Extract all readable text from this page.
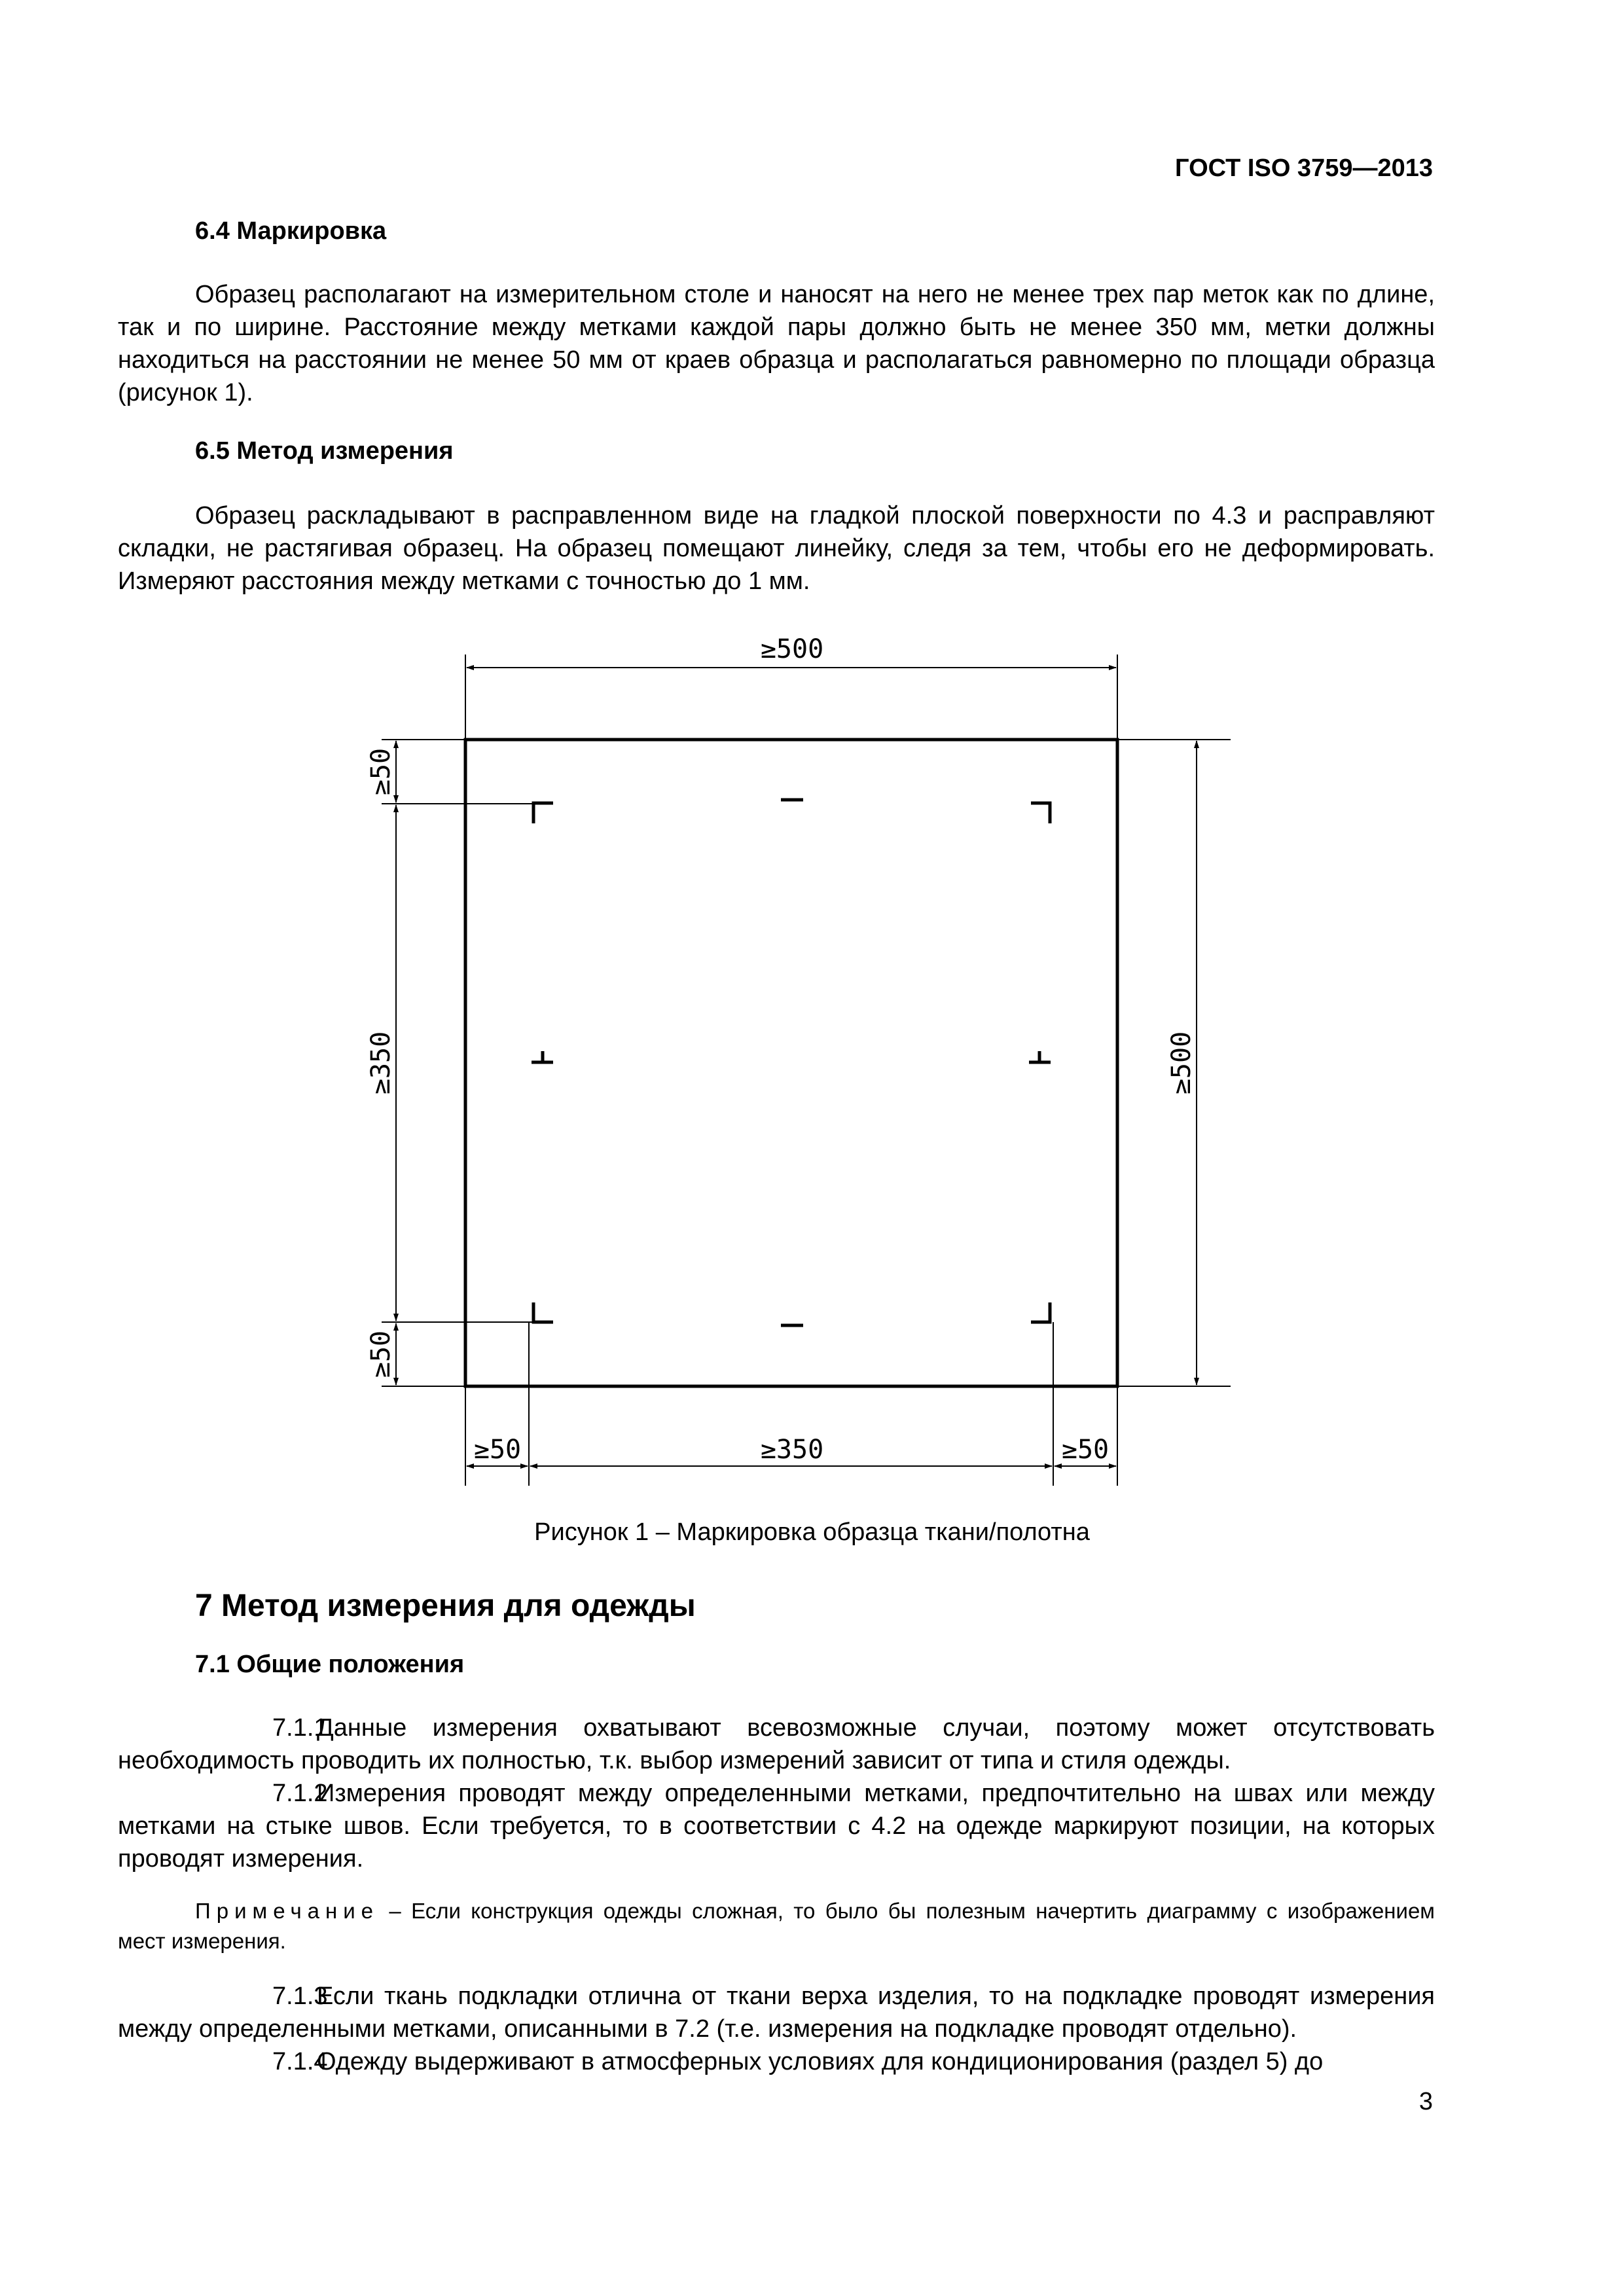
ГОСТ ISO 3759—2013
6.4 Маркировка

Образец располагают на измерительном столе и наносят на него не менее трех пар меток как по длине, так и по ширине. Расстояние между метками каждой пары должно быть не менее 350 мм, метки должны находиться на расстоянии не менее 50 мм от краев образца и располагаться равномерно по площади образца (рисунок 1).

6.5 Метод измерения

Образец раскладывают в расправленном виде на гладкой плоской поверхности по 4.3 и расправляют складки, не растягивая образец. На образец помещают линейку, следя за тем, чтобы его не деформировать. Измеряют расстояния между метками с точностью до 1 мм.

≥500
≥50
≥350
≥50
≥500
≥50	≥350	≥50
Рисунок 1 – Маркировка образца ткани/полотна
7 Метод измерения для одежды
7.1 Общие положения

7.1.1Данные измерения охватывают всевозможные случаи, поэтому может отсутствовать необходимость проводить их полностью, т.к. выбор измерений зависит от типа и стиля одежды.

7.1.2Измерения проводят между определенными метками, предпочтительно на швах или между метками на стыке швов. Если требуется, то в соответствии с 4.2 на одежде маркируют позиции, на которых проводят измерения.

Примечание – Если конструкция одежды сложная, то было бы полезным начертить диаграмму с изображением мест измерения.

7.1.3Если ткань подкладки отлична от ткани верха изделия, то на подкладке проводят измерения между определенными метками, описанными в 7.2 (т.е. измерения на подкладке проводят отдельно).

7.1.4Одежду выдерживают в атмосферных условиях для кондиционирования (раздел 5) до

3
